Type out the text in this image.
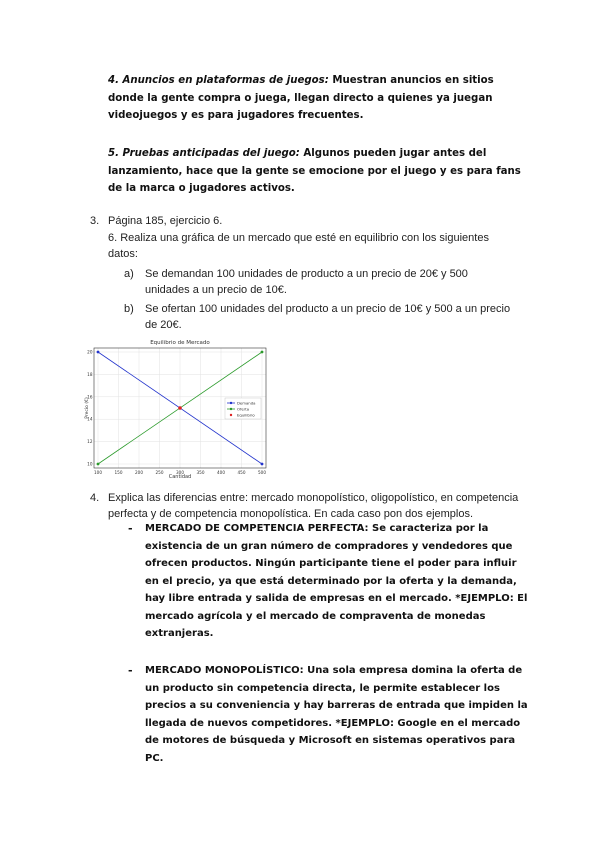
4. Anuncios en plataformas de juegos: Muestran anuncios en sitios donde la gente compra o juega, llegan directo a quienes ya juegan videojuegos y es para jugadores frecuentes.
5. Pruebas anticipadas del juego: Algunos pueden jugar antes del lanzamiento, hace que la gente se emocione por el juego y es para fans de la marca o jugadores activos.
3. Página 185, ejercicio 6.
6. Realiza una gráfica de un mercado que esté en equilibrio con los siguientes datos:
a) Se demandan 100 unidades de producto a un precio de 20€ y 500 unidades a un precio de 10€.
b) Se ofertan 100 unidades del producto a un precio de 10€ y 500 a un precio de 20€.
100	150	200	250	300	350	400	450	500
10
12
14
16
18
20
Equilibrio de Mercado
Cantidad
Precio (€)	Demanda
Oferta
Equilibrio
4. Explica las diferencias entre: mercado monopolístico, oligopolístico, en competencia perfecta y de competencia monopolística. En cada caso pon dos ejemplos.
- MERCADO DE COMPETENCIA PERFECTA: Se caracteriza por la existencia de un gran número de compradores y vendedores que ofrecen productos. Ningún participante tiene el poder para influir en el precio, ya que está determinado por la oferta y la demanda, hay libre entrada y salida de empresas en el mercado. *EJEMPLO: El mercado agrícola y el mercado de compraventa de monedas extranjeras.
- MERCADO MONOPOLÍSTICO: Una sola empresa domina la oferta de un producto sin competencia directa, le permite establecer los precios a su conveniencia y hay barreras de entrada que impiden la llegada de nuevos competidores. *EJEMPLO: Google en el mercado de motores de búsqueda y Microsoft en sistemas operativos para PC.
